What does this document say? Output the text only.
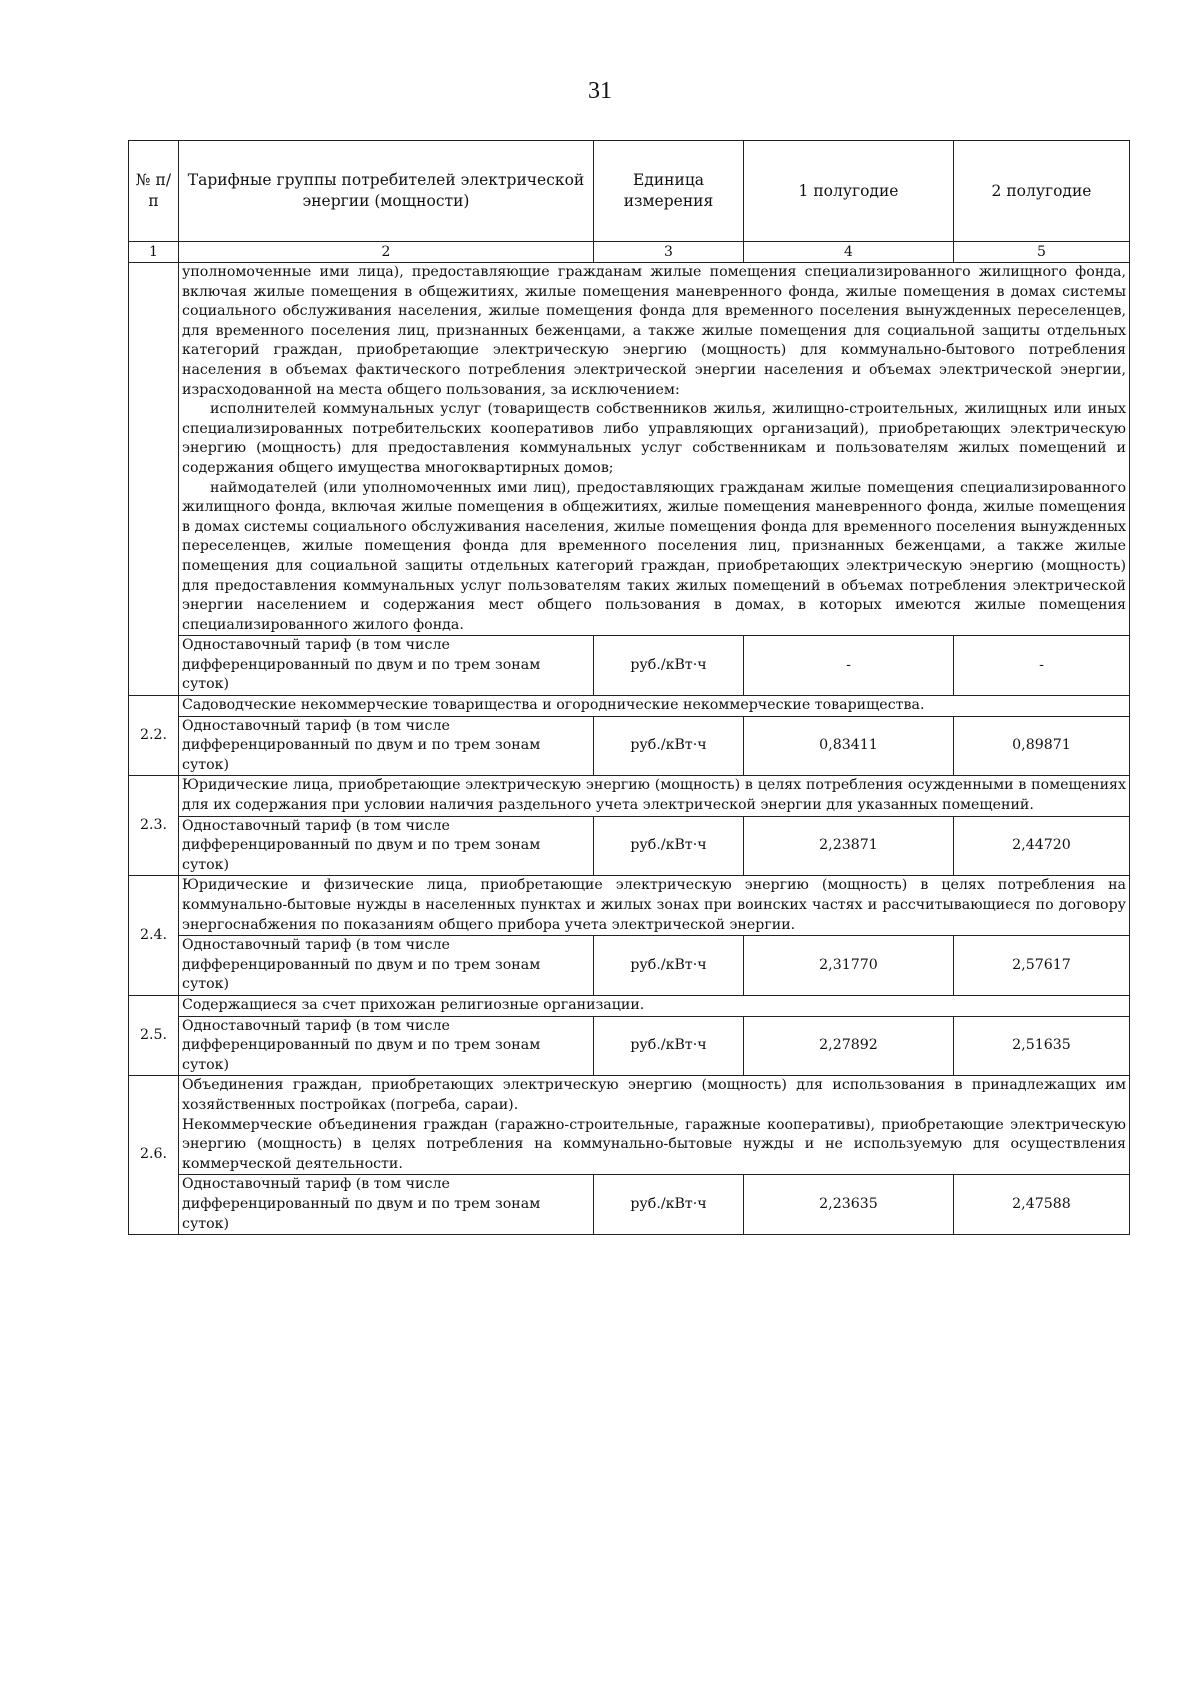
31
№ п/п	Тарифные группы потребителей электрической энергии (мощности)	Единица измерения	1 полугодие	2 полугодие
1	2	3	4	5

	уполномоченные ими лица), предоставляющие гражданам жилые помещения специализированного жилищного фонда, включая жилые помещения в общежитиях, жилые помещения маневренного фонда, жилые помещения в домах системы социального обслуживания населения, жилые помещения фонда для временного поселения вынужденных переселенцев, для временного поселения лиц, признанных беженцами, а также жилые помещения для социальной защиты отдельных категорий граждан, приобретающие электрическую энергию (мощность) для коммунально-бытового потребления населения в объемах фактического потребления электрической энергии населения и объемах электрической энергии, израсходованной на места общего пользования, за исключением:

исполнителей коммунальных услуг (товариществ собственников жилья, жилищно-строительных, жилищных или иных специализированных потребительских кооперативов либо управляющих организаций), приобретающих электрическую энергию (мощность) для предоставления коммунальных услуг собственникам и пользователям жилых помещений и содержания общего имущества многоквартирных домов;

наймодателей (или уполномоченных ими лиц), предоставляющих гражданам жилые помещения специализированного жилищного фонда, включая жилые помещения в общежитиях, жилые помещения маневренного фонда, жилые помещения в домах системы социального обслуживания населения, жилые помещения фонда для временного поселения вынужденных переселенцев, жилые помещения фонда для временного поселения лиц, признанных беженцами, а также жилые помещения для социальной защиты отдельных категорий граждан, приобретающих электрическую энергию (мощность) для предоставления коммунальных услуг пользователям таких жилых помещений в объемах потребления электрической энергии населением и содержания мест общего пользования в домах, в которых имеются жилые помещения специализированного жилого фонда.			

	Одноставочный тариф (в том числе дифференцированный по двум и по трем зонам суток)	руб./кВт·ч	-	-
2.2.	Садоводческие некоммерческие товарищества и огороднические некоммерческие товарищества.			

	Одноставочный тариф (в том числе дифференцированный по двум и по трем зонам суток)	руб./кВт·ч	0,83411	0,89871
2.3.	Юридические лица, приобретающие электрическую энергию (мощность) в целях потребления осужденными в помещениях для их содержания при условии наличия раздельного учета электрической энергии для указанных помещений.			

	Одноставочный тариф (в том числе дифференцированный по двум и по трем зонам суток)	руб./кВт·ч	2,23871	2,44720
2.4.	Юридические и физические лица, приобретающие электрическую энергию (мощность) в целях потребления на коммунально-бытовые нужды в населенных пунктах и жилых зонах при воинских частях и рассчитывающиеся по договору энергоснабжения по показаниям общего прибора учета электрической энергии.			

	Одноставочный тариф (в том числе дифференцированный по двум и по трем зонам суток)	руб./кВт·ч	2,31770	2,57617
2.5.	Содержащиеся за счет прихожан религиозные организации.			

	Одноставочный тариф (в том числе дифференцированный по двум и по трем зонам суток)	руб./кВт·ч	2,27892	2,51635
2.6.	Объединения граждан, приобретающих электрическую энергию (мощность) для использования в принадлежащих им хозяйственных постройках (погреба, сараи).

Некоммерческие объединения граждан (гаражно-строительные, гаражные кооперативы), приобретающие электрическую энергию (мощность) в целях потребления на коммунально-бытовые нужды и не используемую для осуществления коммерческой деятельности.			

	Одноставочный тариф (в том числе дифференцированный по двум и по трем зонам суток)	руб./кВт·ч	2,23635	2,47588
